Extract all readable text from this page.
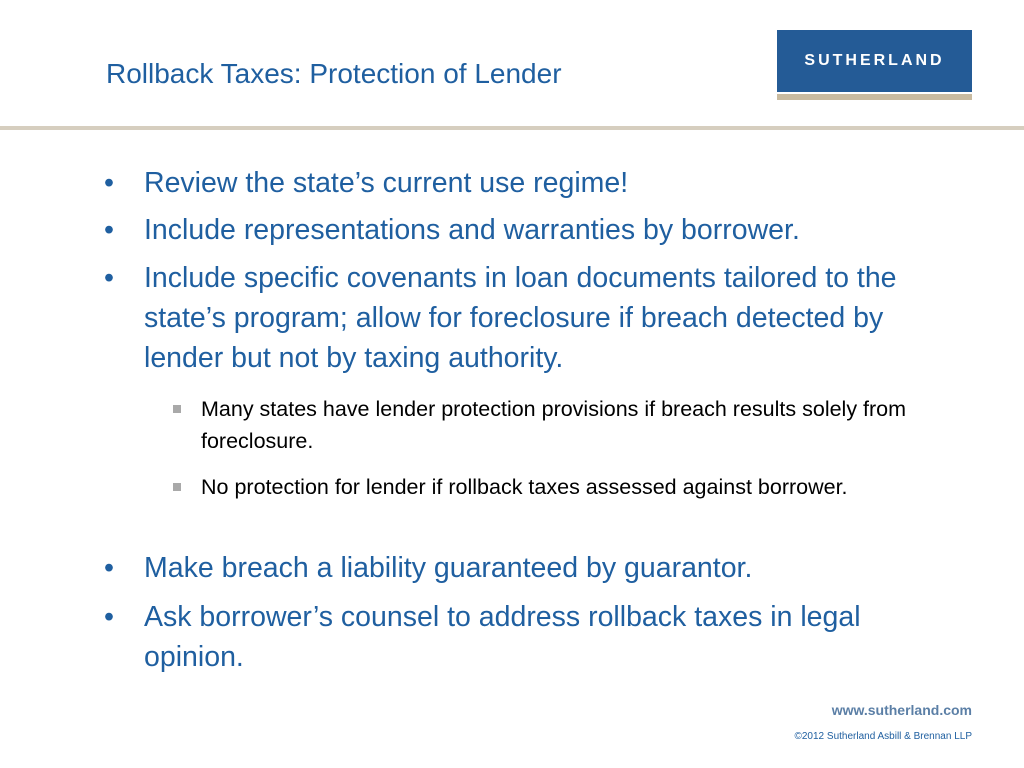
Rollback Taxes: Protection of Lender	SUTHERLAND
•	Review the state’s current use regime!
•	Include representations and warranties by borrower.
•	Include specific covenants in loan documents tailored to the state’s program; allow for foreclosure if breach detected by lender but not by taxing authority.
Many states have lender protection provisions if breach results solely from foreclosure.
No protection for lender if rollback taxes assessed against borrower.
•	Make breach a liability guaranteed by guarantor.
•	Ask borrower’s counsel to address rollback taxes in legal opinion.
www.sutherland.com
©2012 Sutherland Asbill & Brennan LLP
